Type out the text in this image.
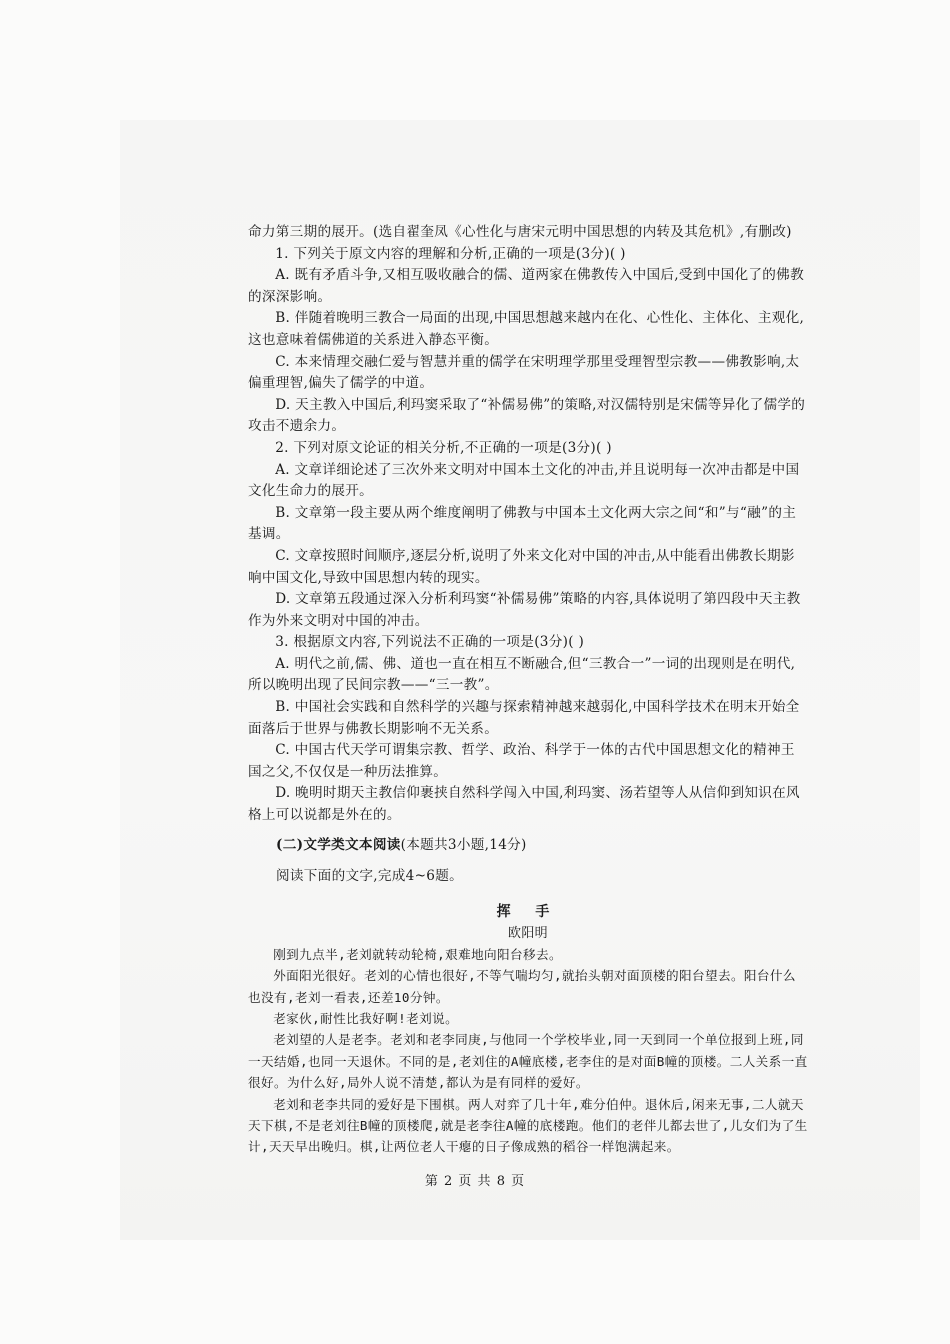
命力第三期的展开。(选自翟奎凤《心性化与唐宋元明中国思想的内转及其危机》,有删改)

1. 下列关于原文内容的理解和分析,正确的一项是(3分)( )

A. 既有矛盾斗争,又相互吸收融合的儒、道两家在佛教传入中国后,受到中国化了的佛教的深深影响。

B. 伴随着晚明三教合一局面的出现,中国思想越来越内在化、心性化、主体化、主观化,这也意味着儒佛道的关系进入静态平衡。

C. 本来情理交融仁爱与智慧并重的儒学在宋明理学那里受理智型宗教——佛教影响,太偏重理智,偏失了儒学的中道。

D. 天主教入中国后,利玛窦采取了“补儒易佛”的策略,对汉儒特别是宋儒等异化了儒学的攻击不遗余力。

2. 下列对原文论证的相关分析,不正确的一项是(3分)( )

A. 文章详细论述了三次外来文明对中国本土文化的冲击,并且说明每一次冲击都是中国文化生命力的展开。

B. 文章第一段主要从两个维度阐明了佛教与中国本土文化两大宗之间“和”与“融”的主基调。

C. 文章按照时间顺序,逐层分析,说明了外来文化对中国的冲击,从中能看出佛教长期影响中国文化,导致中国思想内转的现实。

D. 文章第五段通过深入分析利玛窦“补儒易佛”策略的内容,具体说明了第四段中天主教作为外来文明对中国的冲击。

3. 根据原文内容,下列说法不正确的一项是(3分)( )

A. 明代之前,儒、佛、道也一直在相互不断融合,但“三教合一”一词的出现则是在明代,所以晚明出现了民间宗教——“三一教”。

B. 中国社会实践和自然科学的兴趣与探索精神越来越弱化,中国科学技术在明末开始全面落后于世界与佛教长期影响不无关系。

C. 中国古代天学可谓集宗教、哲学、政治、科学于一体的古代中国思想文化的精神王国之父,不仅仅是一种历法推算。

D. 晚明时期天主教信仰裹挟自然科学闯入中国,利玛窦、汤若望等人从信仰到知识在风格上可以说都是外在的。

(二)文学类文本阅读(本题共3小题,14分)

阅读下面的文字,完成4~6题。

挥 手
欧阳明

刚到九点半,老刘就转动轮椅,艰难地向阳台移去。

外面阳光很好。老刘的心情也很好,不等气喘均匀,就抬头朝对面顶楼的阳台望去。阳台什么也没有,老刘一看表,还差10分钟。

老家伙,耐性比我好啊!老刘说。

老刘望的人是老李。老刘和老李同庚,与他同一个学校毕业,同一天到同一个单位报到上班,同一天结婚,也同一天退休。不同的是,老刘住的A幢底楼,老李住的是对面B幢的顶楼。二人关系一直很好。为什么好,局外人说不清楚,都认为是有同样的爱好。

老刘和老李共同的爱好是下围棋。两人对弈了几十年,难分伯仲。退休后,闲来无事,二人就天天下棋,不是老刘往B幢的顶楼爬,就是老李往A幢的底楼跑。他们的老伴儿都去世了,儿女们为了生计,天天早出晚归。棋,让两位老人干瘪的日子像成熟的稻谷一样饱满起来。

第 2 页 共 8 页
